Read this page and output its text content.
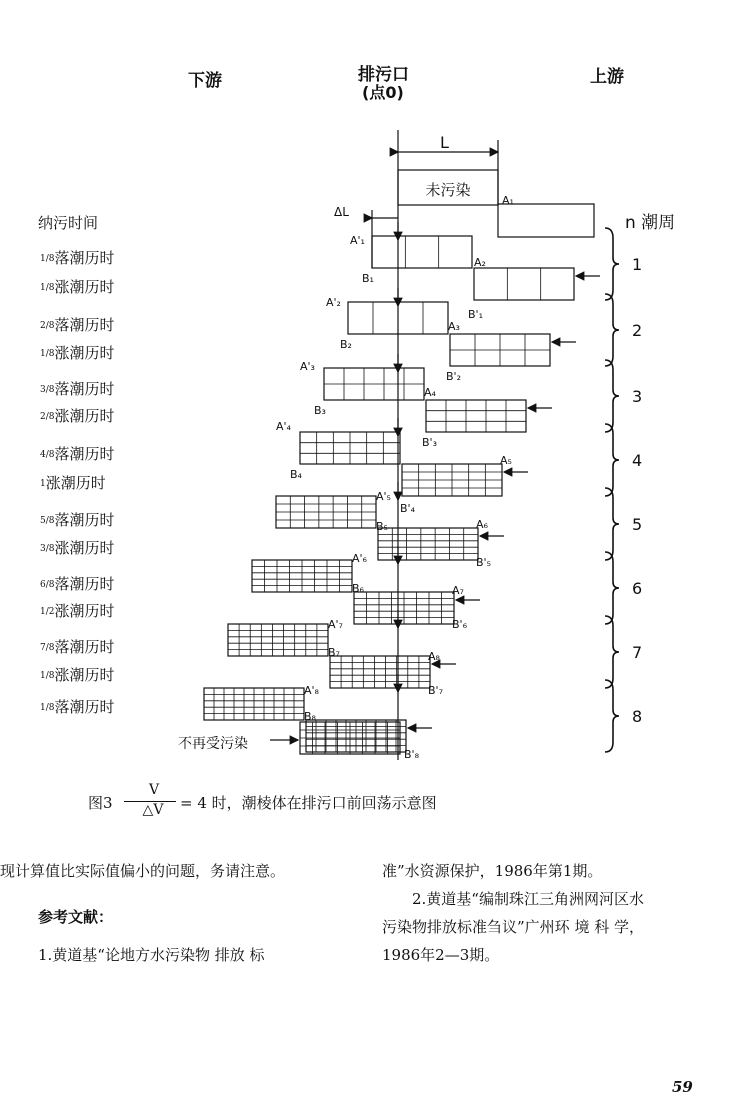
下游	排污口
(点0)
上游
纳污时间
1/8落潮历时
1/8涨潮历时
2/8落潮历时
1/8涨潮历时
3/8落潮历时
2/8涨潮历时
4/8落潮历时
1涨潮历时
5/8落潮历时
3/8涨潮历时
6/8落潮历时
1/2涨潮历时
7/8落潮历时
1/8涨潮历时
1/8落潮历时
L
未污染
ΔL
1
2
3
4
5
6
7
8
不再受污染
n 潮周
A₁
A'₁
B₁
A₂
B'₁
A'₂
B₂
A₃
B'₂
A'₃
B₃
A₄
B'₃
A'₄
B₄
A₅
B'₄
A'₅
B₅	A₆
B'₅
A'₆
B₆	A₇
B'₆
A'₇
B₇	A₈
B'₇
A'₈
B₈
B'₈
图3
V
△V	= 4 时，潮棱体在排污口前回荡示意图
现计算值比实际值偏小的问题，务请注意。
参考文献：
1.黄道基“论地方水污染物 排放 标
准”水资源保护，1986年第1期。
2.黄道基“编制珠江三角洲网河区水
污染物排放标准刍议”广州环 境 科 学，
1986年2—3期。
59
